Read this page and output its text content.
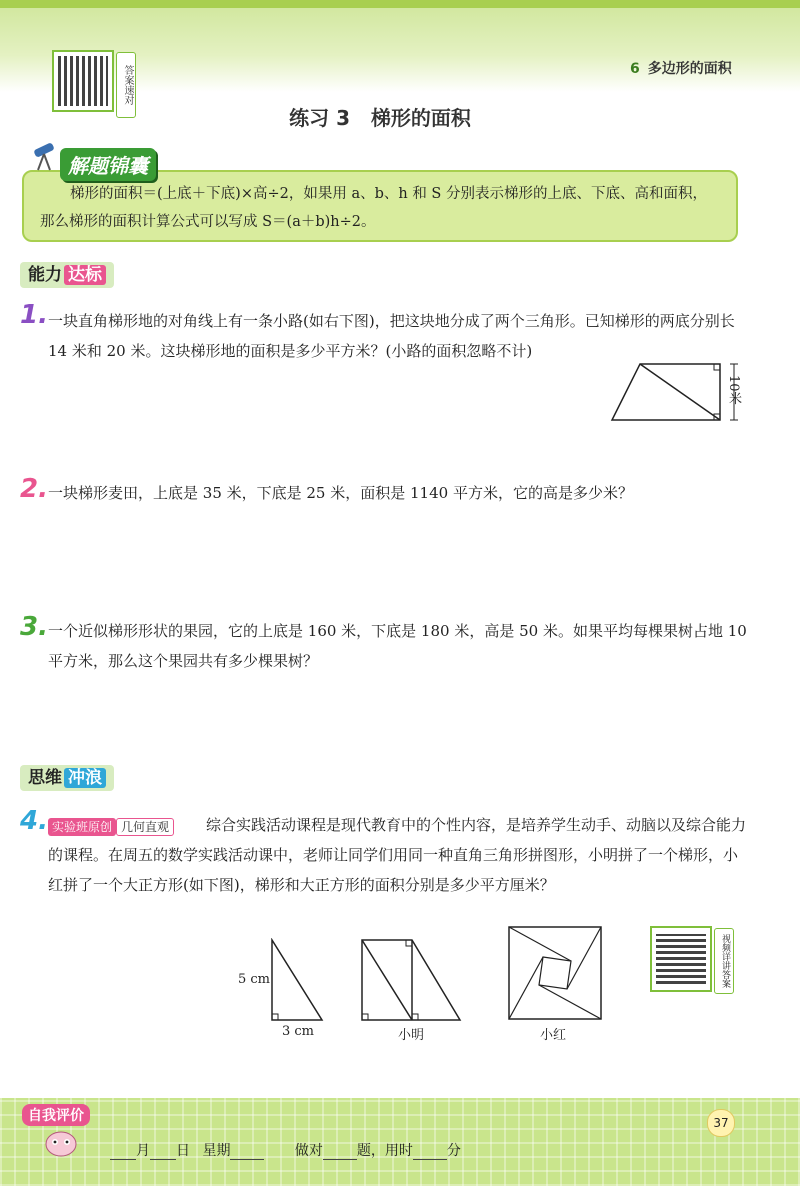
答案速对	6 多边形的面积
练习 3   梯形的面积
解题锦囊
梯形的面积＝(上底＋下底)×高÷2，如果用 a、b、h 和 S 分别表示梯形的上底、下底、高和面积，那么梯形的面积计算公式可以写成 S＝(a＋b)h÷2。
能力 达标
1. 一块直角梯形地的对角线上有一条小路(如右下图)，把这块地分成了两个三角形。已知梯形的两底分别长 14 米和 20 米。这块梯形地的面积是多少平方米？(小路的面积忽略不计)
10米
2. 一块梯形麦田，上底是 35 米，下底是 25 米，面积是 1140 平方米，它的高是多少米？
3. 一个近似梯形形状的果园，它的上底是 160 米，下底是 180 米，高是 50 米。如果平均每棵果树占地 10 平方米，那么这个果园共有多少棵果树？
思维 冲浪
4.	综合实践活动课程是现代教育中的个性内容，是培养学生动手、动脑以及综合能力的课程。在周五的数学实践活动课中，老师让同学们用同一种直角三角形拼图形，小明拼了一个梯形，小红拼了一个大正方形(如下图)，梯形和大正方形的面积分别是多少平方厘米？
实验班原创 几何直观
5 cm
3 cm	小明	小红
视频详讲答案
自我评价	37
月 日 星期	做对 题，用时 分
